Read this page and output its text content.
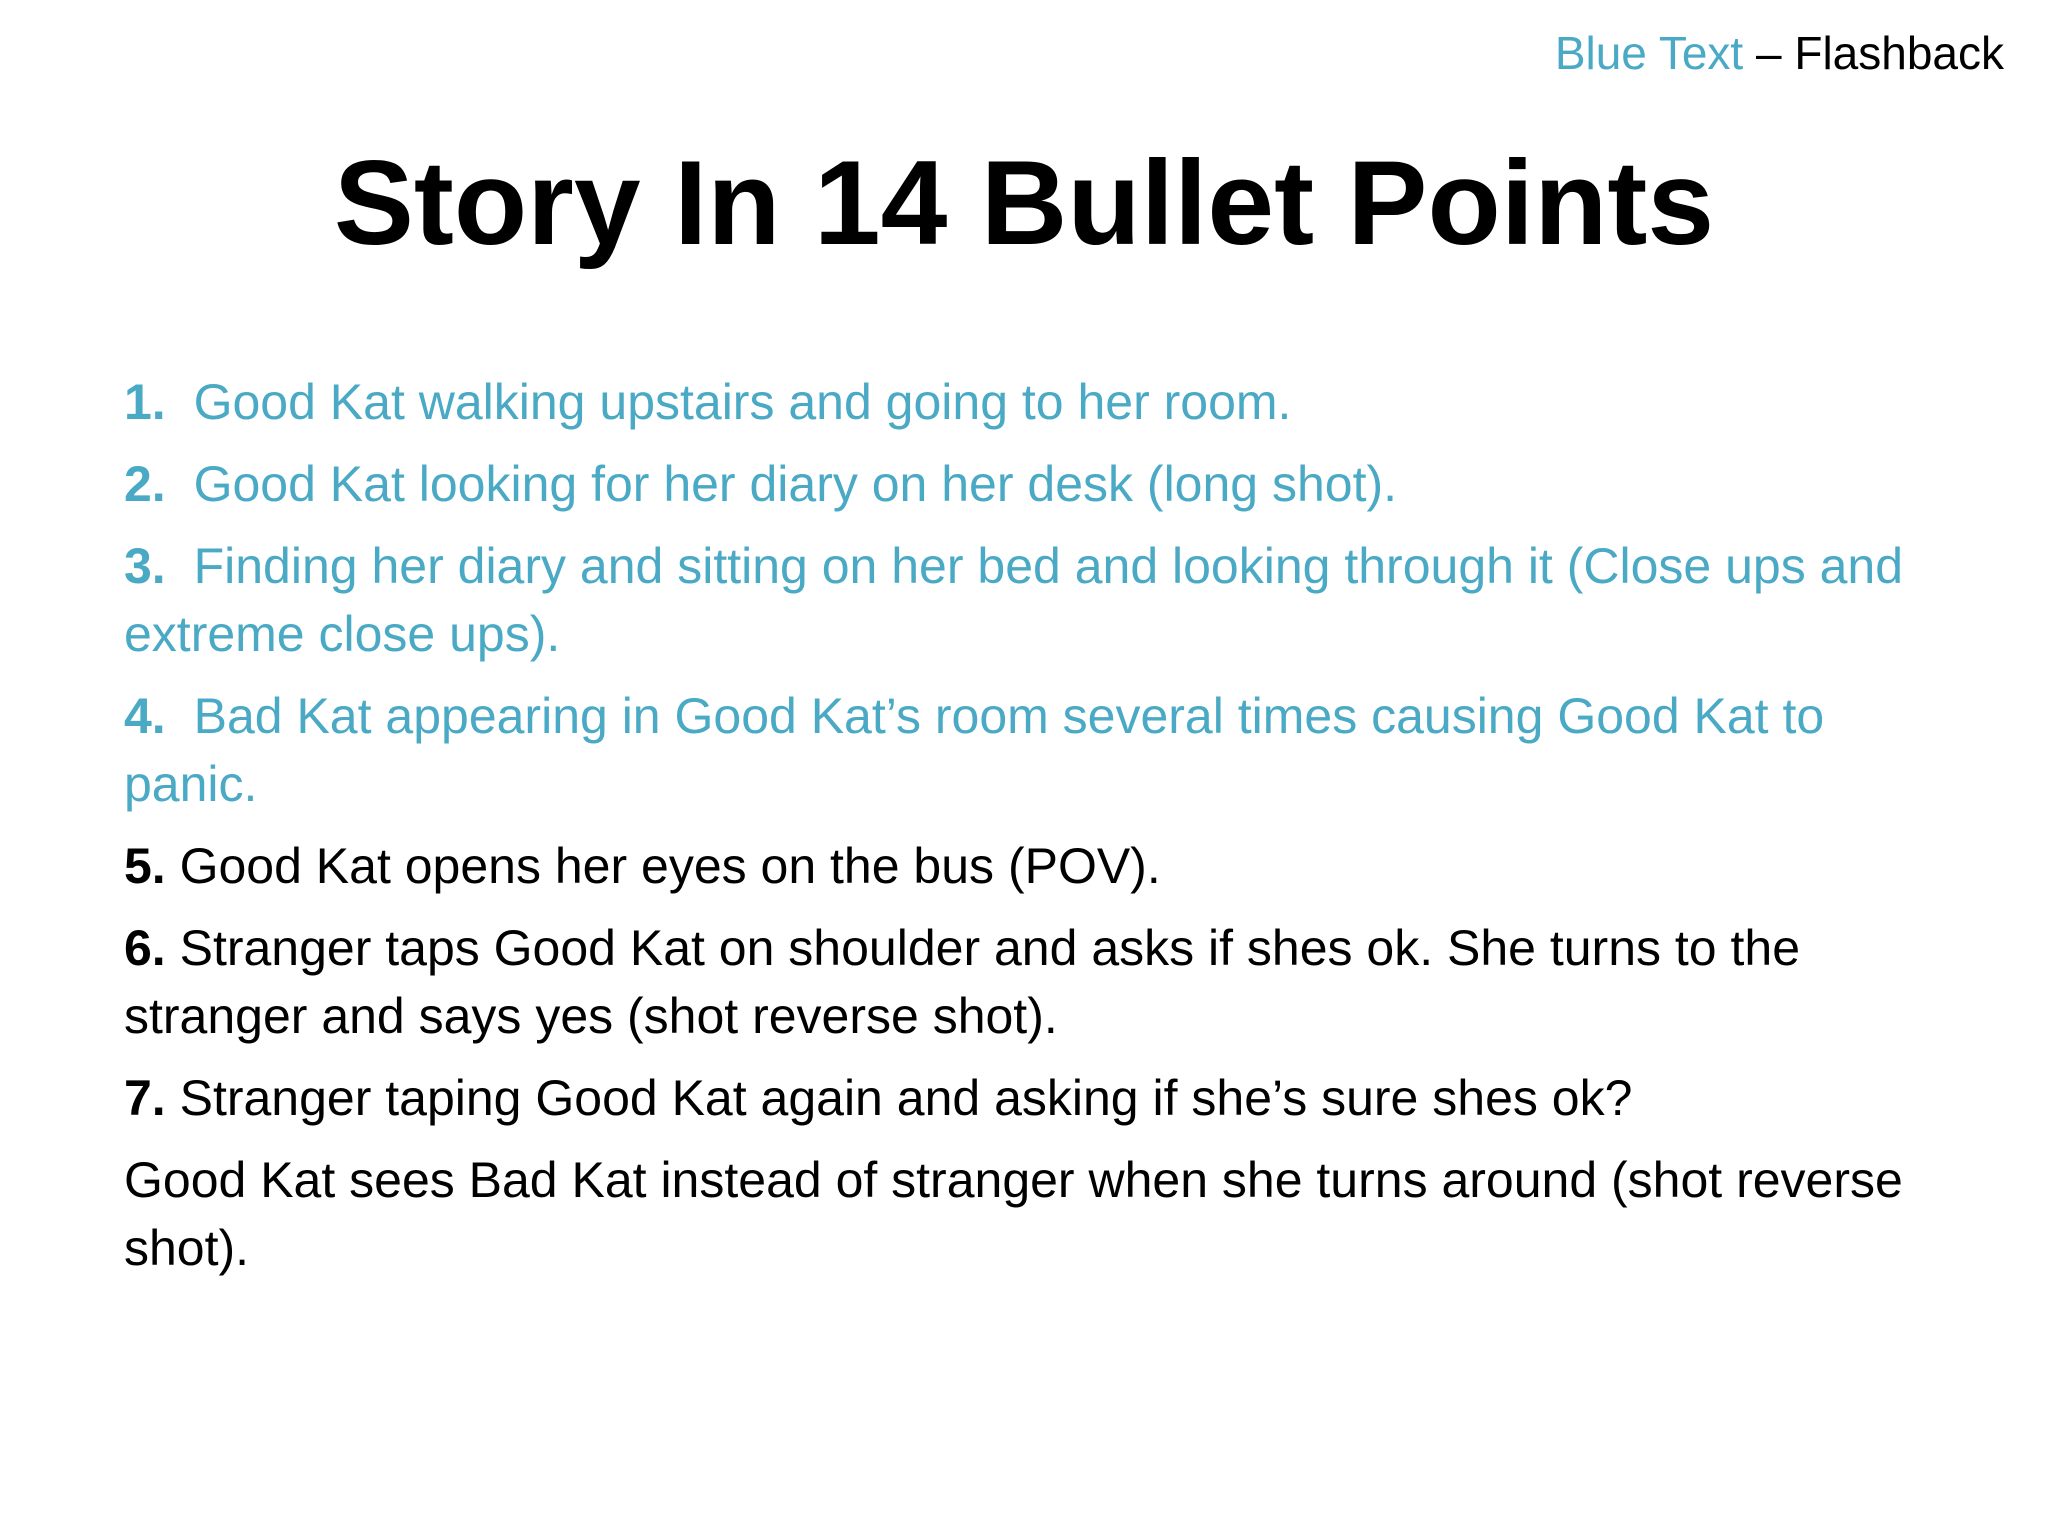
Blue Text – Flashback
Story In 14 Bullet Points

1. Good Kat walking upstairs and going to her room.

2. Good Kat looking for her diary on her desk (long shot).

3. Finding her diary and sitting on her bed and looking through it (Close ups and extreme close ups).

4. Bad Kat appearing in Good Kat’s room several times causing Good Kat to panic.

5. Good Kat opens her eyes on the bus (POV).

6. Stranger taps Good Kat on shoulder and asks if shes ok. She turns to the stranger and says yes (shot reverse shot).

7. Stranger taping Good Kat again and asking if she’s sure shes ok?

Good Kat sees Bad Kat instead of stranger when she turns around (shot reverse shot).
